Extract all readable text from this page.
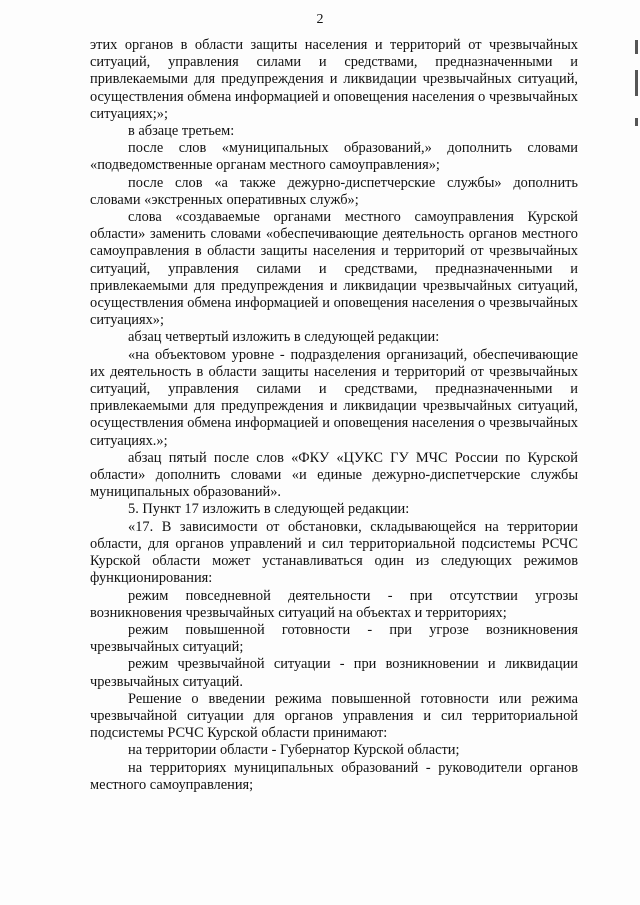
2

этих органов в области защиты населения и территорий от чрезвычайных ситуаций, управления силами и средствами, предназначенными и привлекаемыми для предупреждения и ликвидации чрезвычайных ситуаций, осуществления обмена информацией и оповещения населения о чрезвычайных ситуациях;»;

в абзаце третьем:

после слов «муниципальных образований,» дополнить словами «подведомственные органам местного самоуправления»;

после слов «а также дежурно-диспетчерские службы» дополнить словами «экстренных оперативных служб»;

слова «создаваемые органами местного самоуправления Курской области» заменить словами «обеспечивающие деятельность органов местного самоуправления в области защиты населения и территорий от чрезвычайных ситуаций, управления силами и средствами, предназначенными и привлекаемыми для предупреждения и ликвидации чрезвычайных ситуаций, осуществления обмена информацией и оповещения населения о чрезвычайных ситуациях»;

абзац четвертый изложить в следующей редакции:

«на объектовом уровне - подразделения организаций, обеспечивающие их деятельность в области защиты населения и территорий от чрезвычайных ситуаций, управления силами и средствами, предназначенными и привлекаемыми для предупреждения и ликвидации чрезвычайных ситуаций, осуществления обмена информацией и оповещения населения о чрезвычайных ситуациях.»;

абзац пятый после слов «ФКУ «ЦУКС ГУ МЧС России по Курской области» дополнить словами «и единые дежурно-диспетчерские службы муниципальных образований».

5. Пункт 17 изложить в следующей редакции:

«17. В зависимости от обстановки, складывающейся на территории области, для органов управлений и сил территориальной подсистемы РСЧС Курской области может устанавливаться один из следующих режимов функционирования:

режим повседневной деятельности - при отсутствии угрозы возникновения чрезвычайных ситуаций на объектах и территориях;

режим повышенной готовности - при угрозе возникновения чрезвычайных ситуаций;

режим чрезвычайной ситуации - при возникновении и ликвидации чрезвычайных ситуаций.

Решение о введении режима повышенной готовности или режима чрезвычайной ситуации для органов управления и сил территориальной подсистемы РСЧС Курской области принимают:

на территории области - Губернатор Курской области;

на территориях муниципальных образований - руководители органов местного самоуправления;
